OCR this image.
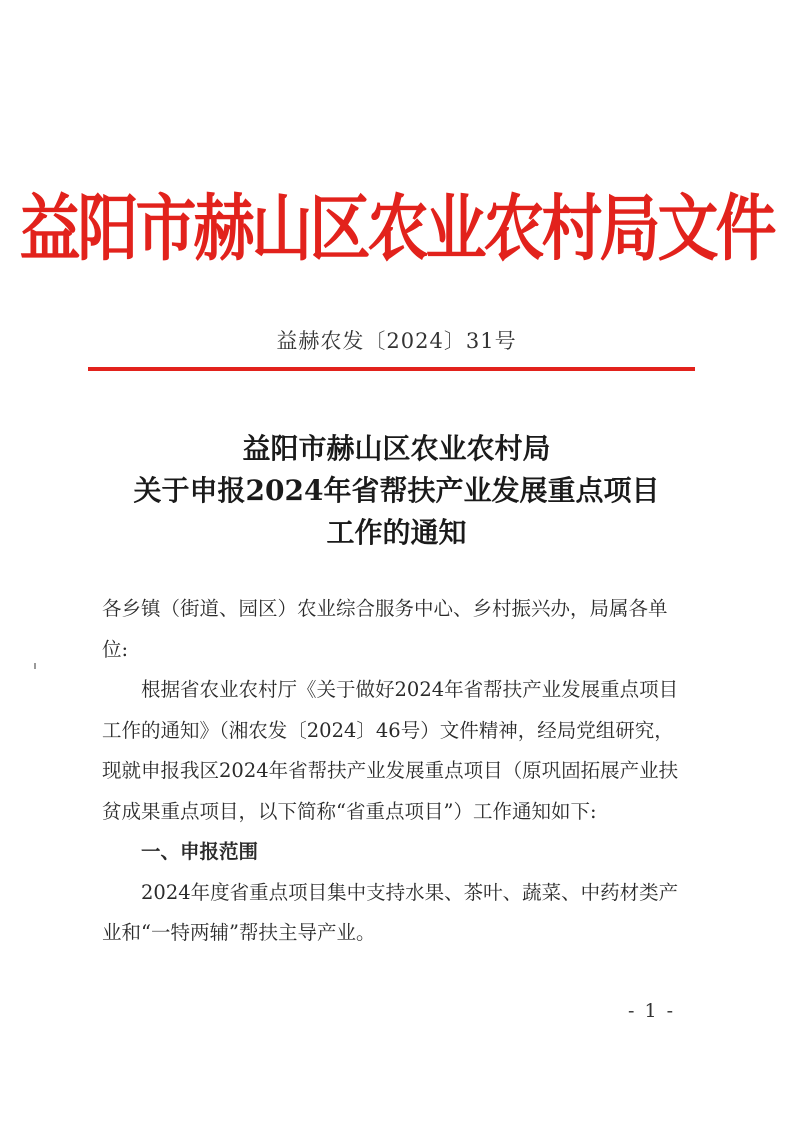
益阳市赫山区农业农村局文件
益赫农发〔2024〕31号
益阳市赫山区农业农村局
关于申报2024年省帮扶产业发展重点项目
工作的通知

各乡镇（街道、园区）农业综合服务中心、乡村振兴办，局属各单位:

根据省农业农村厅《关于做好2024年省帮扶产业发展重点项目工作的通知》（湘农发〔2024〕46号）文件精神，经局党组研究，现就申报我区2024年省帮扶产业发展重点项目（原巩固拓展产业扶贫成果重点项目，以下简称“省重点项目”）工作通知如下:

一、申报范围

2024年度省重点项目集中支持水果、茶叶、蔬菜、中药材类产业和“一特两辅”帮扶主导产业。

- 1 -
